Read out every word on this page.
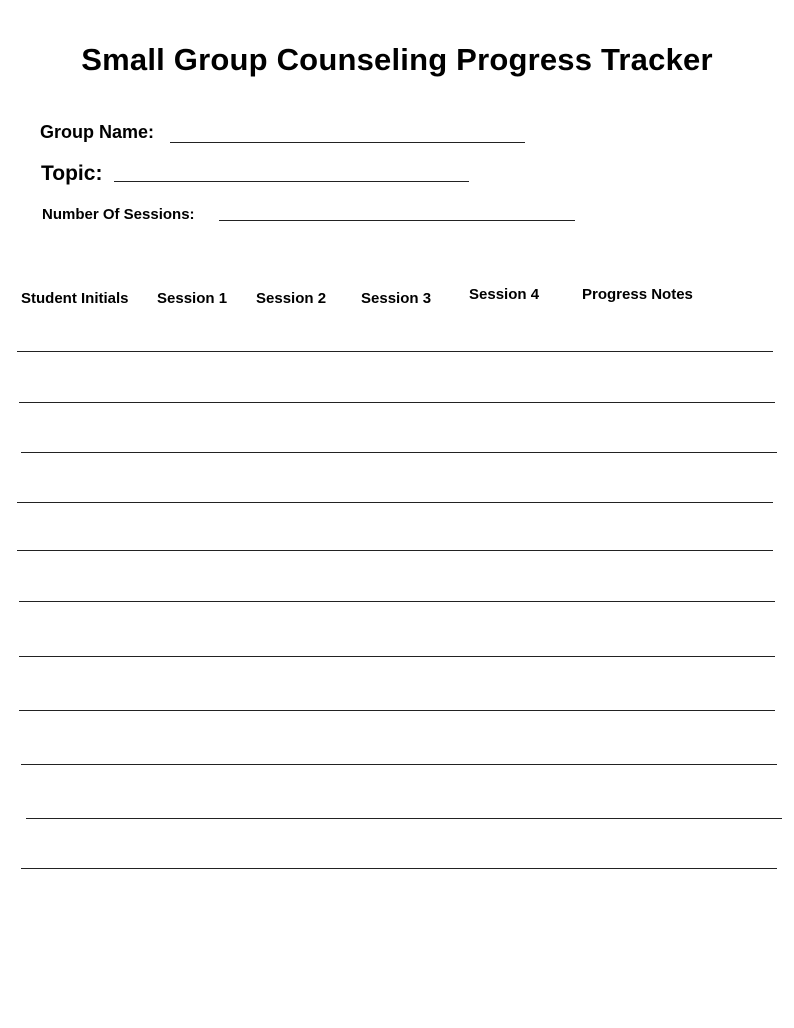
Small Group Counseling Progress Tracker
Group Name:
Topic:
Number Of Sessions:
Student Initials Session 1 Session 2 Session 3	Session 4	Progress Notes
